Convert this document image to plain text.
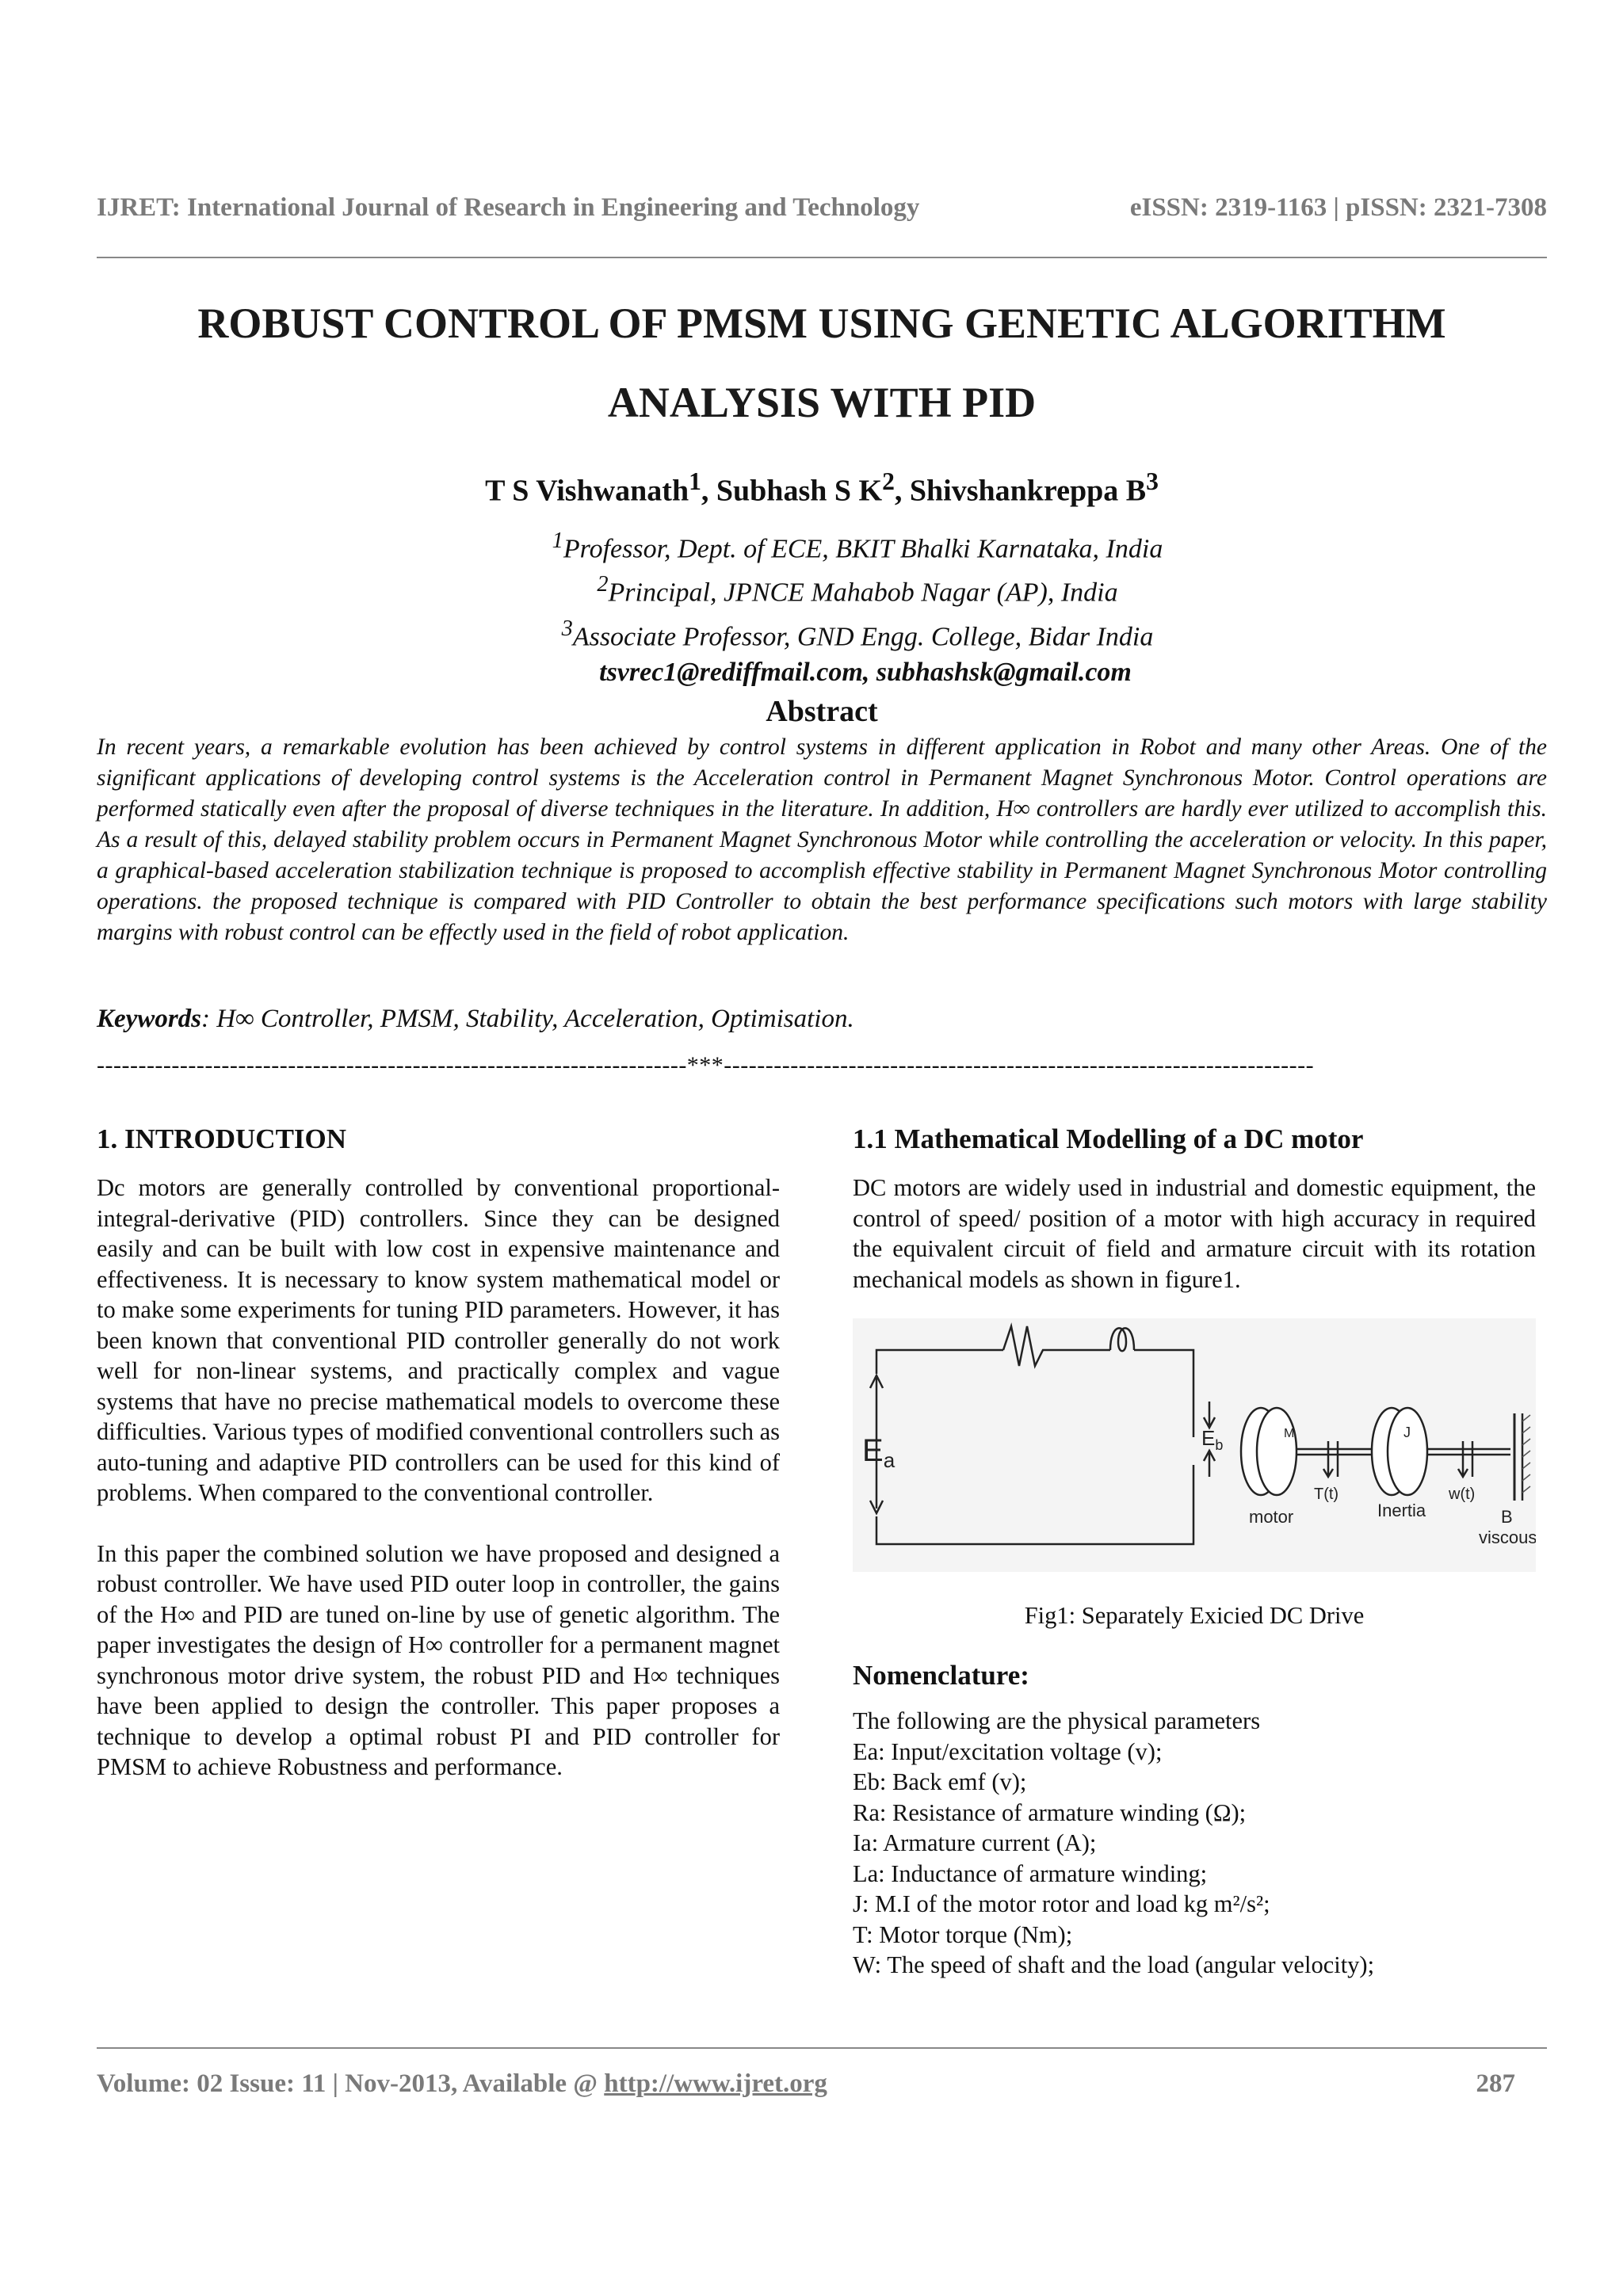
IJRET: International Journal of Research in Engineering and Technology	eISSN: 2319-1163 | pISSN: 2321-7308
ROBUST CONTROL OF PMSM USING GENETIC ALGORITHM
ANALYSIS WITH PID
T S Vishwanath$^1$, Subhash S $K^2$, Shivshankreppa $B^3$
$^1$Professor, Dept. of ECE, BKIT Bhalki Karnataka, India
$^2$Principal, JPNCE Mahabob Nagar (AP), India
$^3$Associate Professor, GND Engg. College, Bidar India
tsvrec1@rediffmail.com, subhashsk@gmail.com
Abstract
In recent years, a remarkable evolution has been achieved by control systems in different application in Robot and many other Areas. One of the significant applications of developing control systems is the Acceleration control in Permanent Magnet Synchronous Motor. Control operations are performed statically even after the proposal of diverse techniques in the literature. In addition, H∞ controllers are hardly ever utilized to accomplish this. As a result of this, delayed stability problem occurs in Permanent Magnet Synchronous Motor while controlling the acceleration or velocity. In this paper, a graphical-based acceleration stabilization technique is proposed to accomplish effective stability in Permanent Magnet Synchronous Motor controlling operations. the proposed technique is compared with PID Controller to obtain the best performance specifications such motors with large stability margins with robust control can be effectly used in the field of robot application.
Keywords: H∞ Controller, PMSM, Stability, Acceleration, Optimisation.
-----------------------------------------------------------------------***-----------------------------------------------------------------------
1. INTRODUCTION

Dc motors are generally controlled by conventional proportional-integral-derivative (PID) controllers. Since they can be designed easily and can be built with low cost in expensive maintenance and effectiveness. It is necessary to know system mathematical model or to make some experiments for tuning PID parameters. However, it has been known that conventional PID controller generally do not work well for non-linear systems, and practically complex and vague systems that have no precise mathematical models to overcome these difficulties. Various types of modified conventional controllers such as auto-tuning and adaptive PID controllers can be used for this kind of problems. When compared to the conventional controller.

In this paper the combined solution we have proposed and designed a robust controller. We have used PID outer loop in controller, the gains of the H∞ and PID are tuned on-line by use of genetic algorithm. The paper investigates the design of H∞ controller for a permanent magnet synchronous motor drive system, the robust PID and H∞ techniques have been applied to design the controller. This paper proposes a technique to develop a optimal robust PI and PID controller for PMSM to achieve Robustness and performance.

1.1 Mathematical Modelling of a DC motor

DC motors are widely used in industrial and domestic equipment, the control of speed/ position of a motor with high accuracy in required the equivalent circuit of field and armature circuit with its rotation mechanical models as shown in figure1.

$E_a$
$E_b$
M	J
T(t)	w(t)
motor	Inertia	B
viscous
Fig1: Separately Exicied DC Drive
Nomenclature:
The following are the physical parameters
Ea: Input/excitation voltage (v);
Eb: Back emf (v);
Ra: Resistance of armature winding (Ω);
Ia: Armature current (A);
La: Inductance of armature winding;
J: M.I of the motor rotor and load kg m²/s²;
T: Motor torque (Nm);
W: The speed of shaft and the load (angular velocity);
Volume: 02 Issue: 11 | Nov-2013, Available @ http://www.ijret.org	287
